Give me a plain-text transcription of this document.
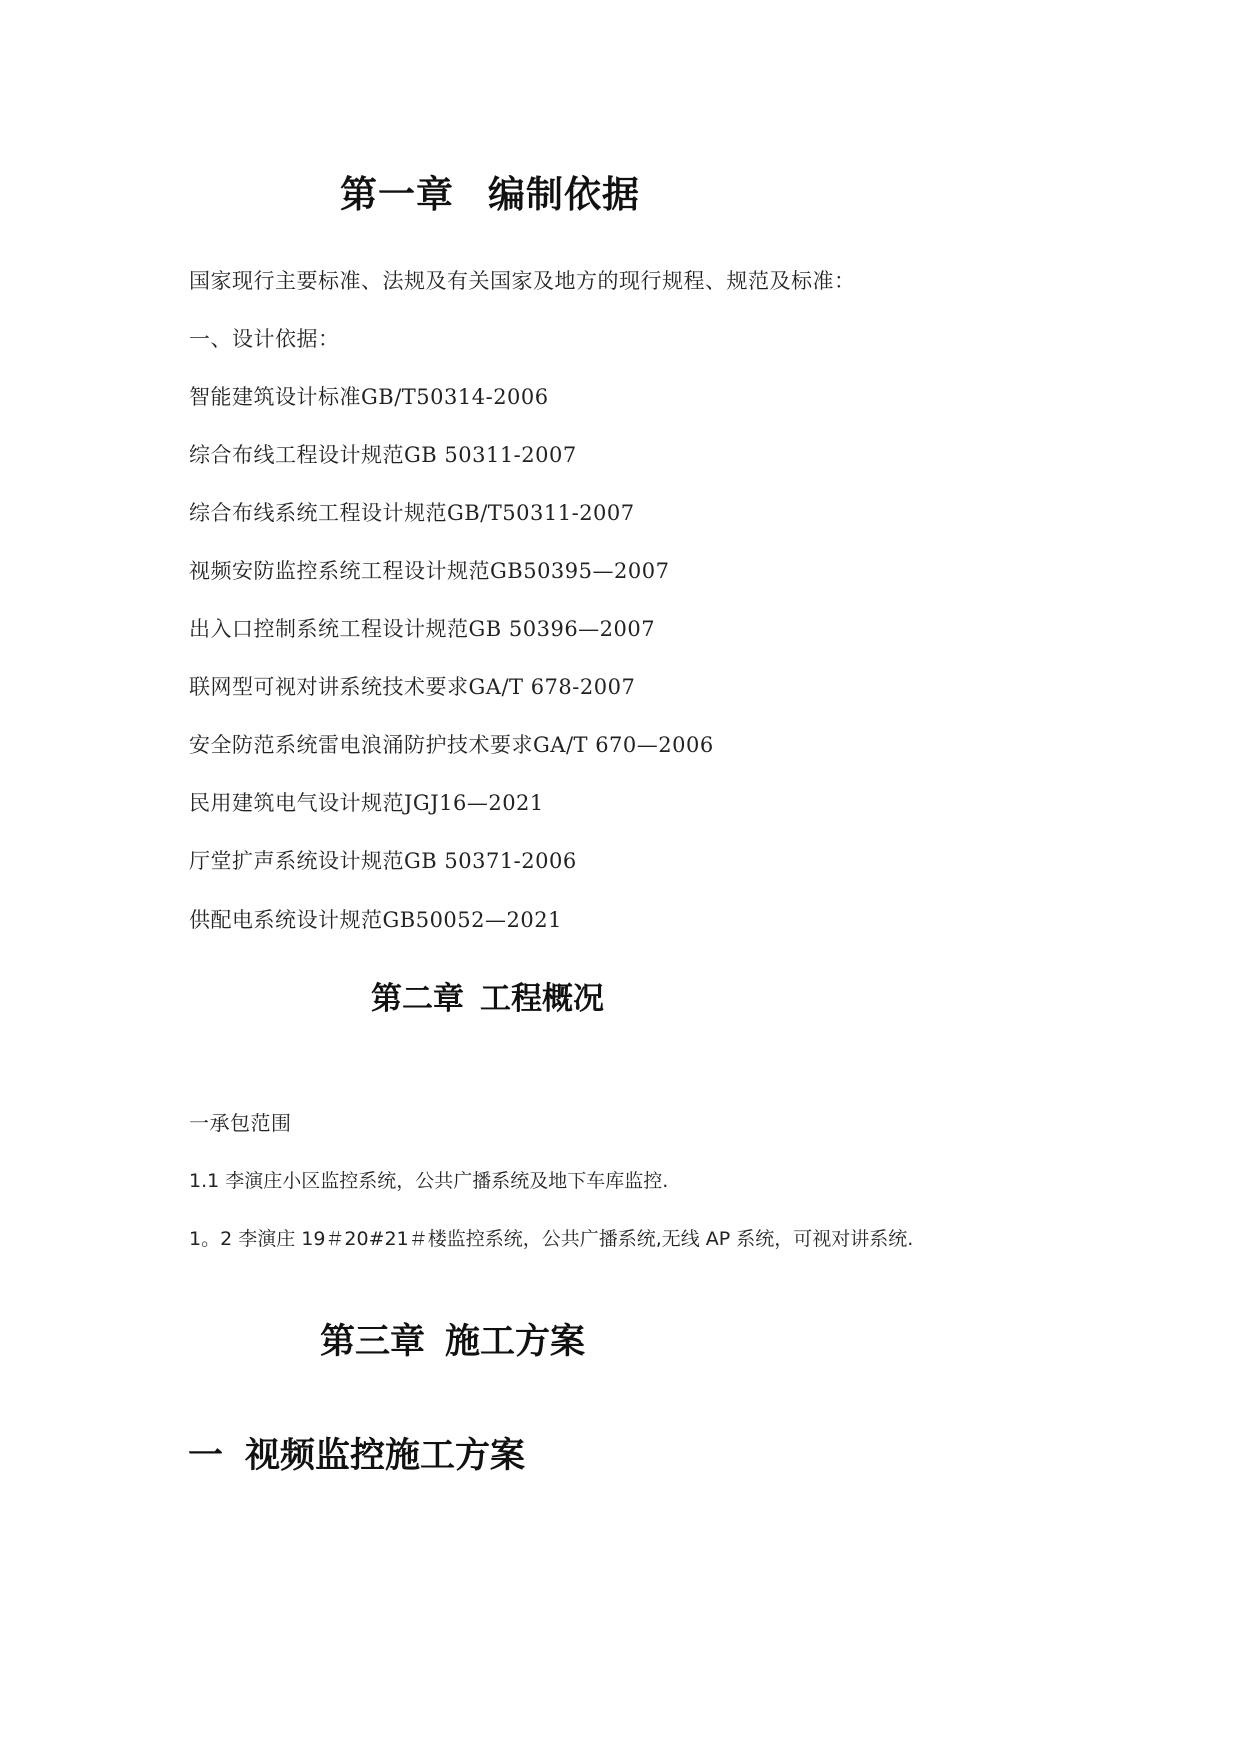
第一章 编制依据
国家现行主要标准、法规及有关国家及地方的现行规程、规范及标准：
一、设计依据：
智能建筑设计标准GB/T50314-2006
综合布线工程设计规范GB 50311-2007
综合布线系统工程设计规范GB/T50311-2007
视频安防监控系统工程设计规范GB50395—2007
出入口控制系统工程设计规范GB 50396—2007
联网型可视对讲系统技术要求GA/T 678-2007
安全防范系统雷电浪涌防护技术要求GA/T 670—2006
民用建筑电气设计规范JGJ16—2021
厅堂扩声系统设计规范GB 50371-2006
供配电系统设计规范GB50052—2021
第二章 工程概况
一承包范围
1.1 李演庄小区监控系统，公共广播系统及地下车库监控.
1。2 李演庄 19＃20#21＃楼监控系统，公共广播系统,无线 AP 系统，可视对讲系统.
第三章 施工方案
一 视频监控施工方案
